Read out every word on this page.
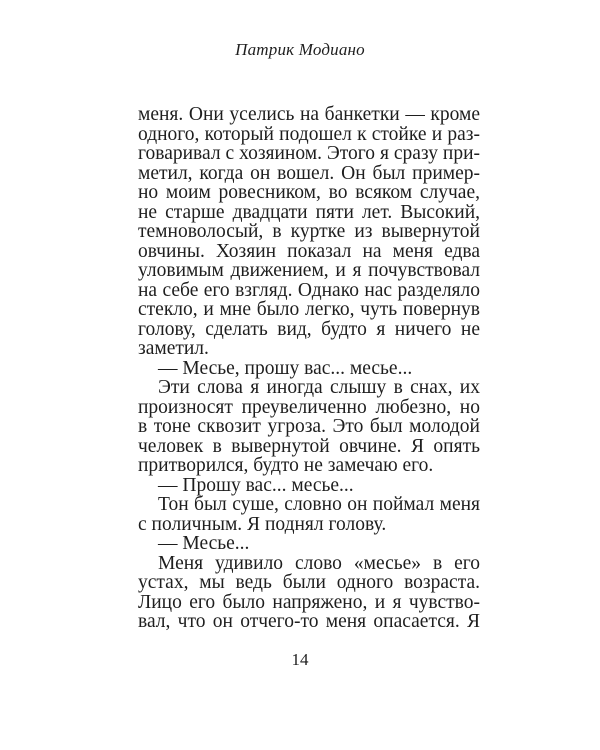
Патрик Модиано
меня. Они уселись на банкетки — кроме
одного, который подошел к стойке и раз-
говаривал с хозяином. Этого я сразу при-
метил, когда он вошел. Он был пример-
но моим ровесником, во всяком случае,
не старше двадцати пяти лет. Высокий,
темноволосый, в куртке из вывернутой
овчины. Хозяин показал на меня едва
уловимым движением, и я почувствовал
на себе его взгляд. Однако нас разделяло
стекло, и мне было легко, чуть повернув
голову, сделать вид, будто я ничего не
заметил.
— Месье, прошу вас... месье...
Эти слова я иногда слышу в снах, их
произносят преувеличенно любезно, но
в тоне сквозит угроза. Это был молодой
человек в вывернутой овчине. Я опять
притворился, будто не замечаю его.
— Прошу вас... месье...
Тон был суше, словно он поймал меня
с поличным. Я поднял голову.
— Месье...
Меня удивило слово «месье» в его
устах, мы ведь были одного возраста.
Лицо его было напряжено, и я чувство-
вал, что он отчего-то меня опасается. Я
14
